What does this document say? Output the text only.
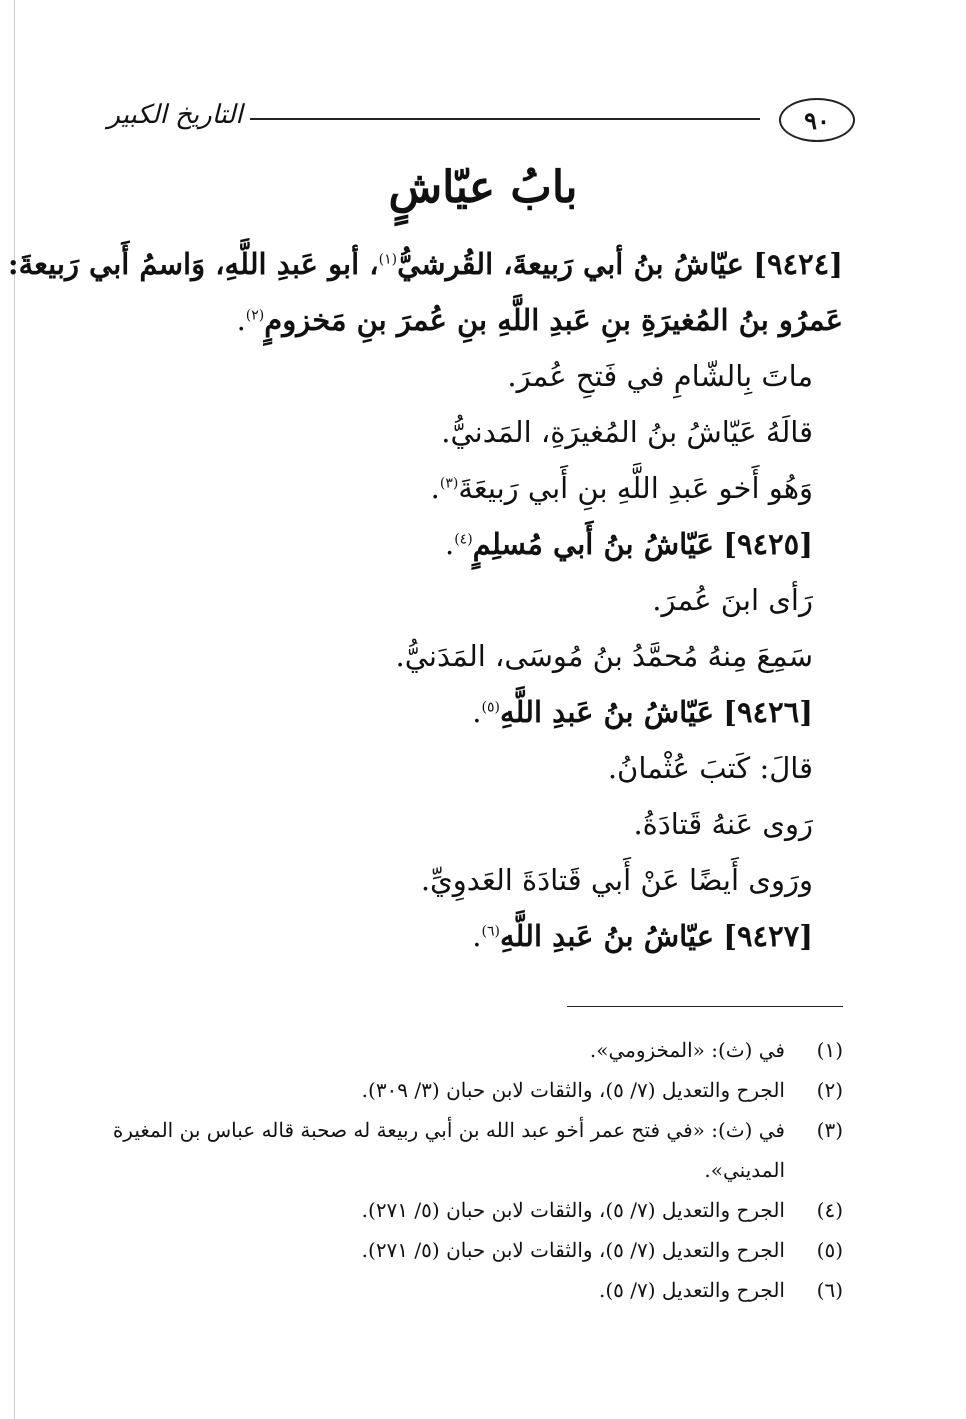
٩٠
التاريخ الكبير
بابُ عيّاشٍ
[٩٤٢٤] عيّاشُ بنُ أبي رَبيعةَ، القُرشيُّ$^{(١)}$، أبو عَبدِ اللَّهِ، وَاسمُ أَبي رَبيعةَ:
عَمرُو بنُ المُغيرَةِ بنِ عَبدِ اللَّهِ بنِ عُمرَ بنِ مَخزومٍ$^{(٢)}$.
ماتَ بِالشّامِ في فَتحِ عُمرَ.
قالَهُ عَيّاشُ بنُ المُغيرَةِ، المَدنيُّ.
وَهُو أَخو عَبدِ اللَّهِ بنِ أَبي رَبيعَةَ$^{(٣)}$.
[٩٤٢٥] عَيّاشُ بنُ أَبي مُسلِمٍ$^{(٤)}$.
رَأى ابنَ عُمرَ.
سَمِعَ مِنهُ مُحمَّدُ بنُ مُوسَى، المَدَنيُّ.
[٩٤٢٦] عَيّاشُ بنُ عَبدِ اللَّهِ$^{(٥)}$.
قالَ: كَتبَ عُثْمانُ.
رَوى عَنهُ قَتادَةُ.
ورَوى أَيضًا عَنْ أَبي قَتادَةَ العَدوِيِّ.
[٩٤٢٧] عيّاشُ بنُ عَبدِ اللَّهِ$^{(٦)}$.
(١)
في (ث): «المخزومي».
(٢)
الجرح والتعديل (٧/ ٥)، والثقات لابن حبان (٣/ ٣٠٩).
(٣)
في (ث): «في فتح عمر أخو عبد الله بن أبي ربيعة له صحبة قاله عباس بن المغيرة
المديني».
(٤)
الجرح والتعديل (٧/ ٥)، والثقات لابن حبان (٥/ ٢٧١).
(٥)
الجرح والتعديل (٧/ ٥)، والثقات لابن حبان (٥/ ٢٧١).
(٦)
الجرح والتعديل (٧/ ٥).
